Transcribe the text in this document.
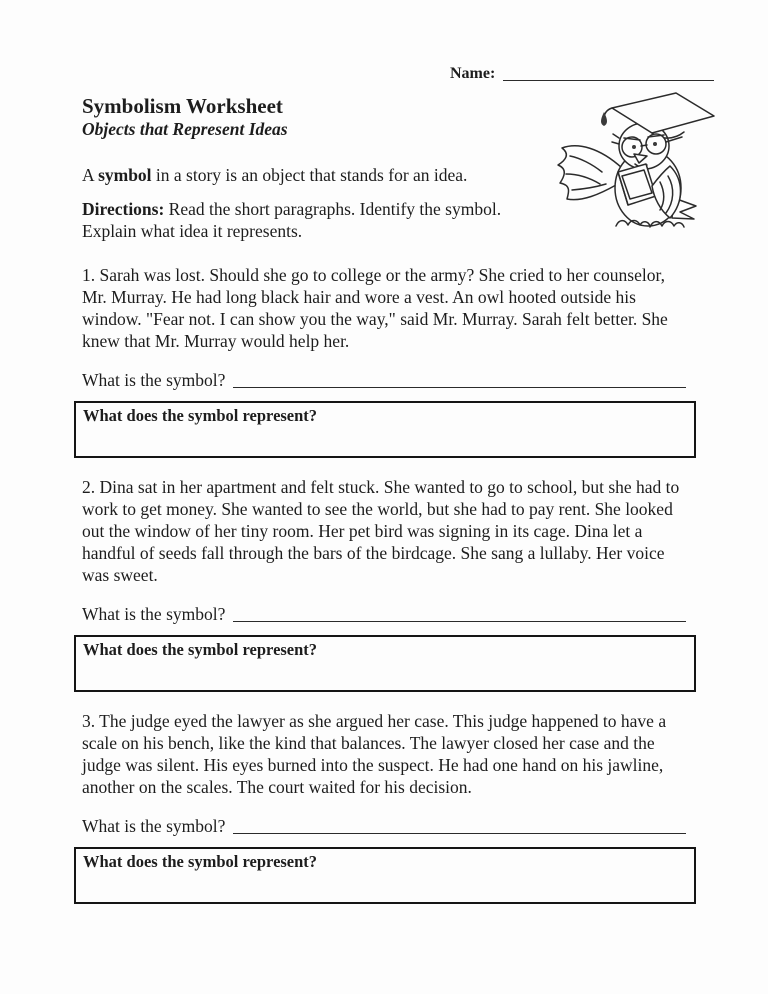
Name:
Symbolism Worksheet
Objects that Represent Ideas

A symbol in a story is an object that stands for an idea.

Directions: Read the short paragraphs. Identify the symbol. Explain what idea it represents.

1. Sarah was lost. Should she go to college or the army? She cried to her counselor, Mr. Murray. He had long black hair and wore a vest. An owl hooted outside his window. "Fear not. I can show you the way," said Mr. Murray. Sarah felt better. She knew that Mr. Murray would help her.

What is the symbol?
What does the symbol represent?

2. Dina sat in her apartment and felt stuck. She wanted to go to school, but she had to work to get money. She wanted to see the world, but she had to pay rent. She looked out the window of her tiny room. Her pet bird was signing in its cage. Dina let a handful of seeds fall through the bars of the birdcage. She sang a lullaby. Her voice was sweet.

What is the symbol?
What does the symbol represent?

3. The judge eyed the lawyer as she argued her case. This judge happened to have a scale on his bench, like the kind that balances. The lawyer closed her case and the judge was silent. His eyes burned into the suspect. He had one hand on his jawline, another on the scales. The court waited for his decision.

What is the symbol?
What does the symbol represent?
